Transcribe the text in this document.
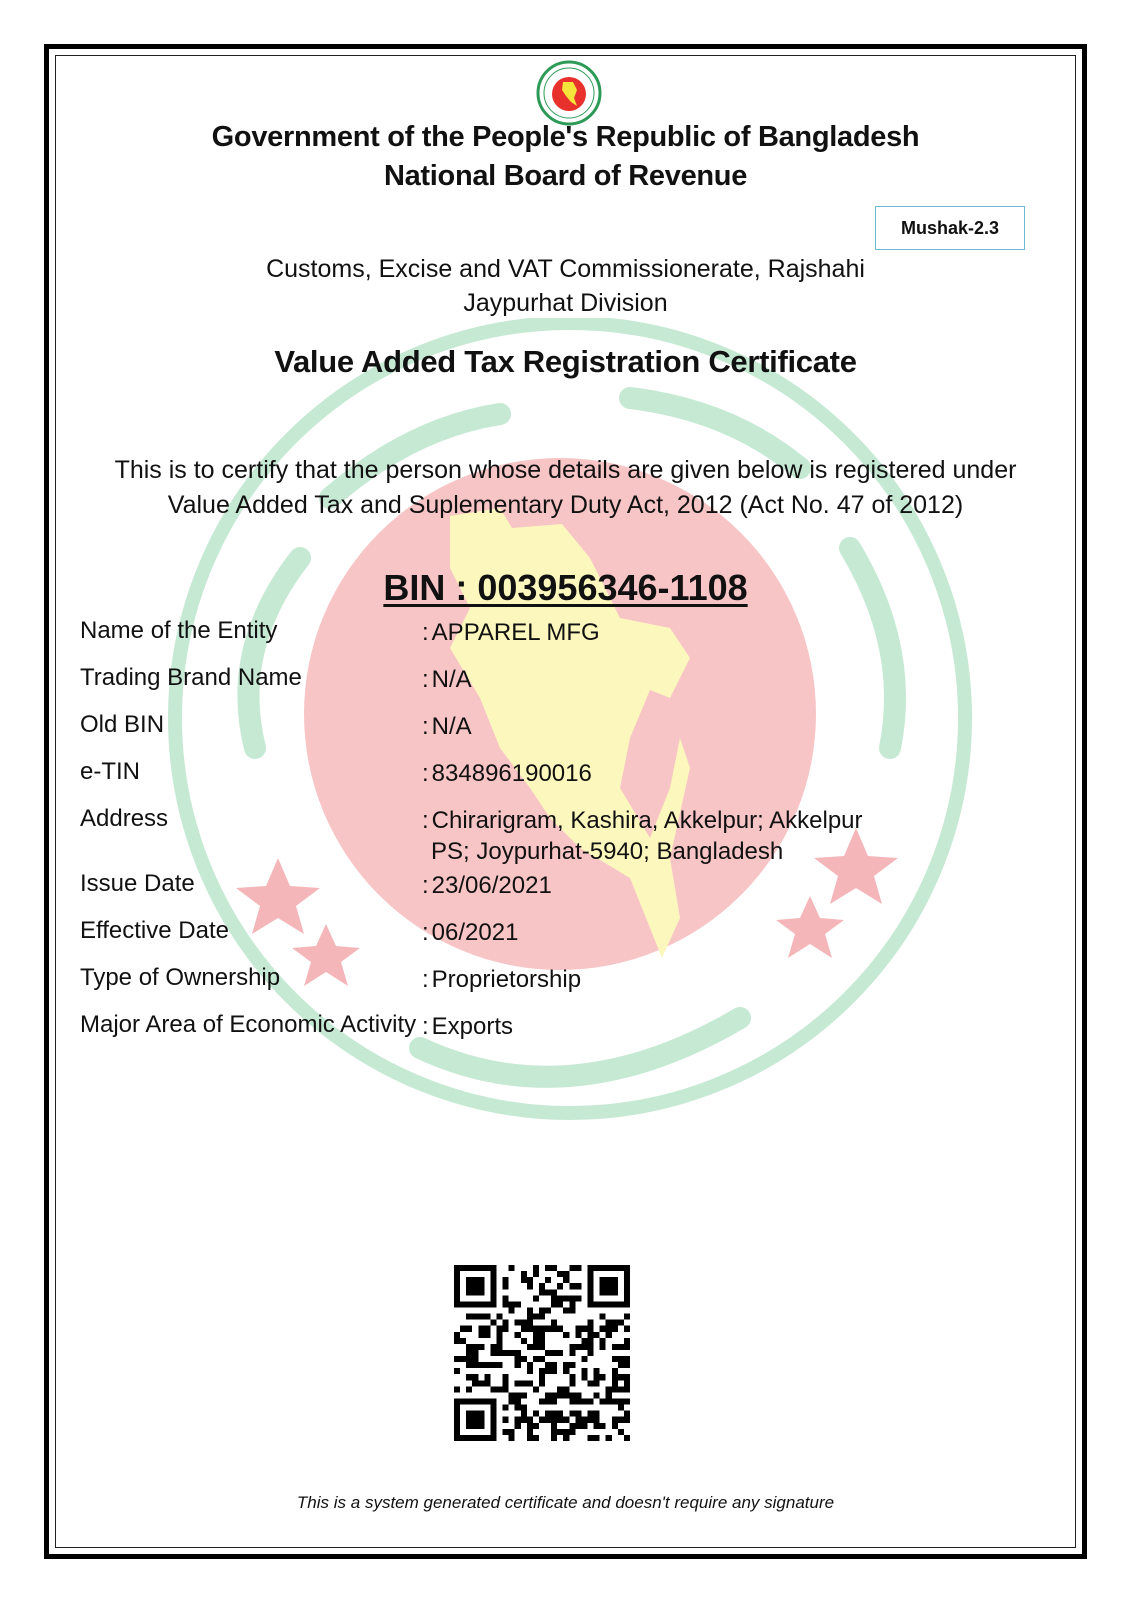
Government of the People's Republic of Bangladesh
National Board of Revenue
Mushak-2.3
Customs, Excise and VAT Commissionerate, Rajshahi
Jaypurhat Division
Value Added Tax Registration Certificate
This is to certify that the person whose details are given below is registered under
Value Added Tax and Suplementary Duty Act, 2012 (Act No. 47 of 2012)
BIN : 003956346-1108
Name of the Entity	: APPAREL MFG
Trading Brand Name	: N/A
Old BIN	: N/A
e-TIN	: 834896190016
Address	: Chirarigram, Kashira, Akkelpur; Akkelpur PS; Joypurhat-5940; Bangladesh
Issue Date	: 23/06/2021
Effective Date	: 06/2021
Type of Ownership	: Proprietorship
Major Area of Economic Activity : Exports
This is a system generated certificate and doesn't require any signature
